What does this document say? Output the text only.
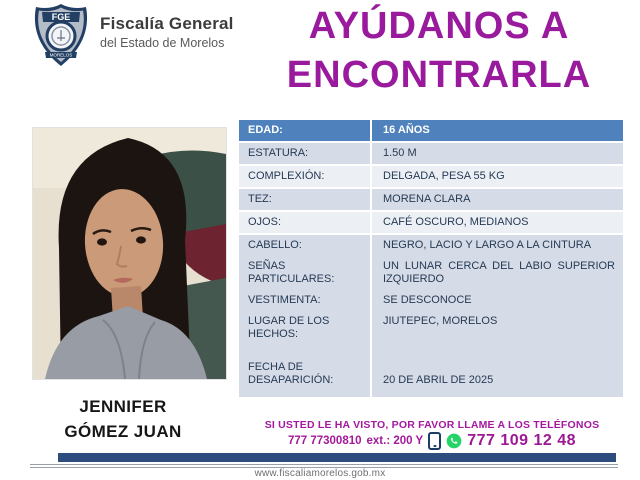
FGE
MORELOS
Fiscalía General
del Estado de Morelos	AYÚDANOS A
ENCONTRARLA
JENNIFER
GÓMEZ JUAN
EDAD:	16 AÑOS
ESTATURA:	1.50 M
COMPLEXIÓN:	DELGADA, PESA 55 KG
TEZ:	MORENA CLARA
OJOS:	CAFÉ OSCURO, MEDIANOS
CABELLO:	NEGRO, LACIO Y LARGO A LA CINTURA
SEÑAS PARTICULARES:
UN LUNAR CERCA DEL LABIO SUPERIOR IZQUIERDO
VESTIMENTA:	SE DESCONOCE
LUGAR DE LOS HECHOS:
JIUTEPEC, MORELOS
FECHA DE DESAPARICIÓN:	20 DE ABRIL DE 2025
SI USTED LE HA VISTO, POR FAVOR LLAME A LOS TELÉFONOS
777 77300810 ext.: 200 Y	777 109 12 48
www.fiscaliamorelos.gob.mx
